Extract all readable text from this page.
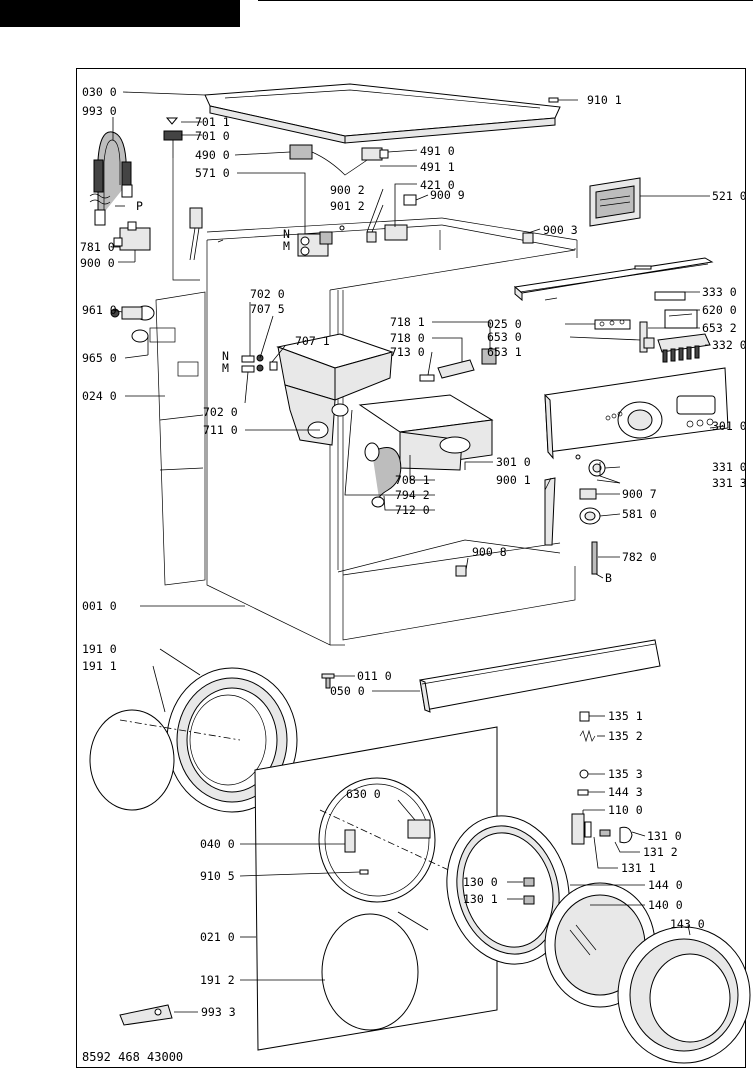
030 0
993 0
701 1
701 0
490 0
571 0
910 1
491 0
491 1
421 0
900 2
901 2
900 9	521 0
900 3
N
M
P
781 0
900 0
961 0
702 0
707 5
707 1
N
M
965 0
024 0
718 1
718 0
713 0	653 1
653 0
025 0
333 0
620 0
653 2
332 0
702 0
711 0	301 0
900 1
301 0	331 0
331 3
708 1
794 2
712 0
900 7
581 0
900 8	782 0
B
001 0
191 0
191 1
011 0
050 0
135 1
135 2
135 3
144 3
110 0
630 0
040 0
131 0
131 2
131 1
910 5	130 0
130 1
144 0
140 0
143 0
021 0
191 2
993 3
8592 468 43000
